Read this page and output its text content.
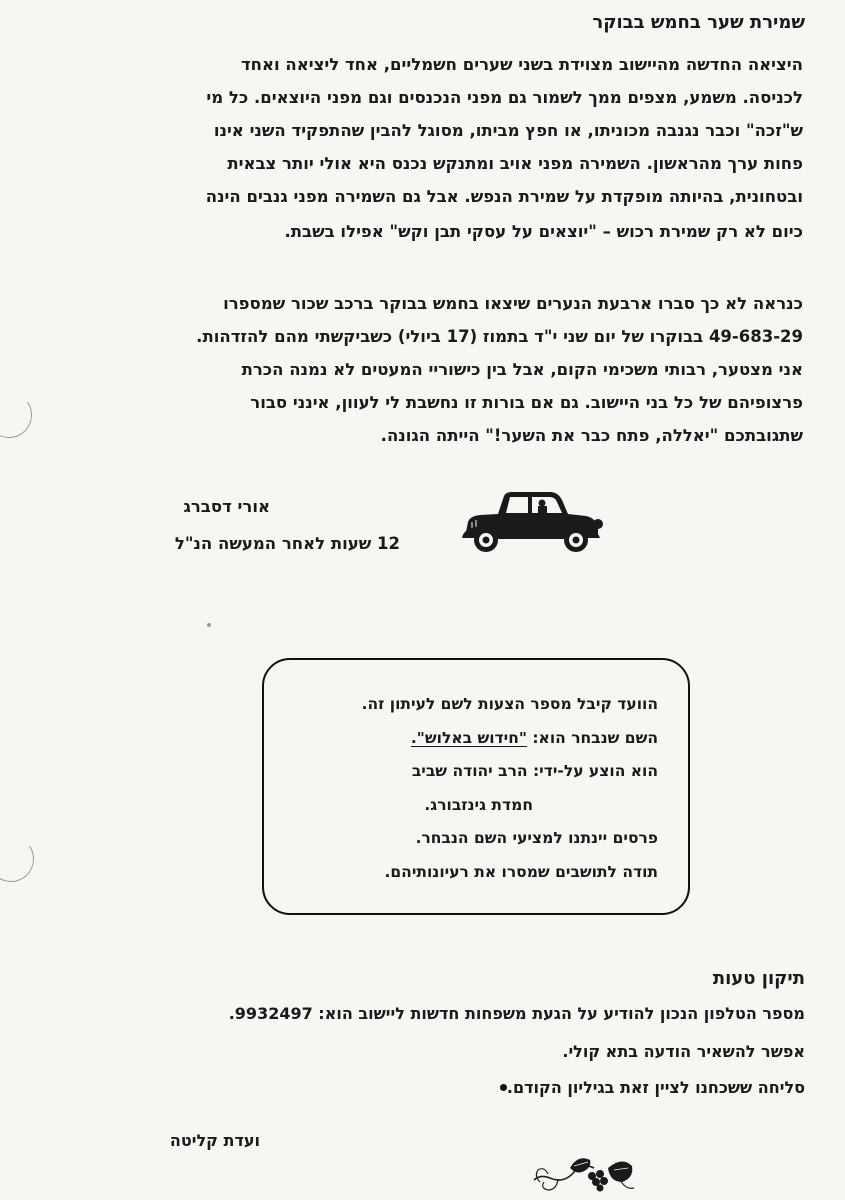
שמירת שער בחמש בבוקר

היציאה החדשה מהיישוב מצוידת בשני שערים חשמליים, אחד ליציאה ואחד

לכניסה. משמע, מצפים ממך לשמור גם מפני הנכנסים וגם מפני היוצאים. כל מי

ש"זכה" וכבר נגנבה מכוניתו, או חפץ מביתו, מסוגל להבין שהתפקיד השני אינו

פחות ערך מהראשון. השמירה מפני אויב ומתנקש נכנס היא אולי יותר צבאית

ובטחונית, בהיותה מופקדת על שמירת הנפש. אבל גם השמירה מפני גנבים הינה

כיום לא רק שמירת רכוש – "יוצאים על עסקי תבן וקש" אפילו בשבת.

כנראה לא כך סברו ארבעת הנערים שיצאו בחמש בבוקר ברכב שכור שמספרו

49-683-29 בבוקרו של יום שני י"ד בתמוז (17 ביולי) כשביקשתי מהם להזדהות.

אני מצטער, רבותי משכימי הקום, אבל בין כישוריי המעטים לא נמנה הכרת

פרצופיהם של כל בני היישוב. גם אם בורות זו נחשבת לי לעוון, אינני סבור

שתגובתכם "יאללה, פתח כבר את השער!" הייתה הגונה.

אורי דסברג
12 שעות לאחר המעשה הנ"ל

הוועד קיבל מספר הצעות לשם לעיתון זה.

השם שנבחר הוא: "חידוש באלוש".

הוא הוצע על-ידי: הרב יהודה שביב

חמדת גינזבורג.

פרסים יינתנו למציעי השם הנבחר.

תודה לתושבים שמסרו את רעיונותיהם.

תיקון טעות
מספר הטלפון הנכון להודיע על הגעת משפחות חדשות ליישוב הוא: 9932497.
אפשר להשאיר הודעה בתא קולי.
סליחה ששכחנו לציין זאת בגיליון הקודם.
ועדת קליטה
